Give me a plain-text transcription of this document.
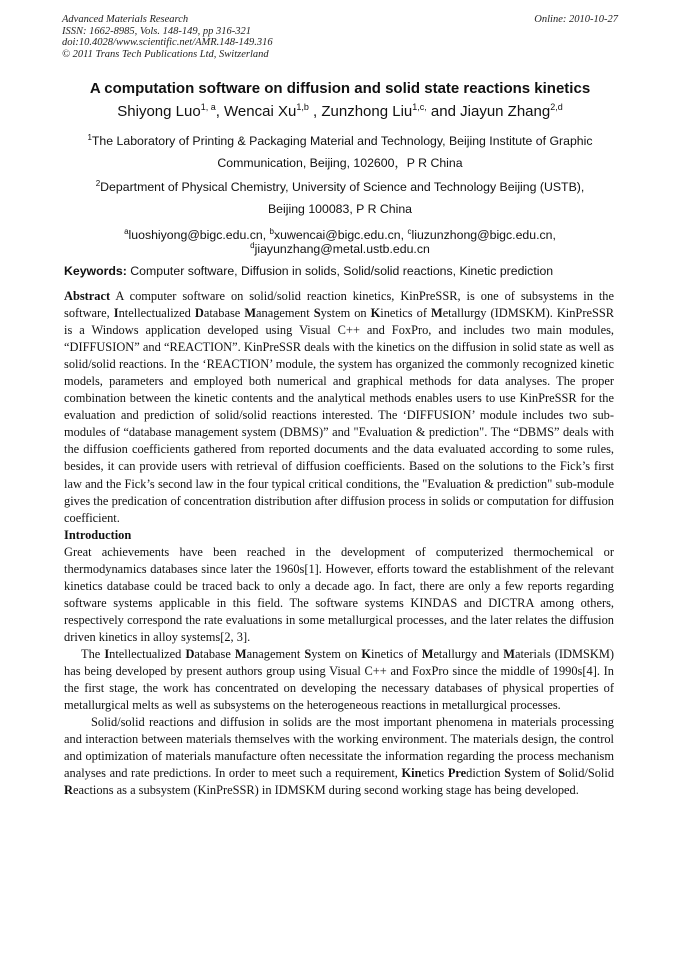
Advanced Materials Research
ISSN: 1662-8985, Vols. 148-149, pp 316-321
doi:10.4028/www.scientific.net/AMR.148-149.316
© 2011 Trans Tech Publications Ltd, Switzerland
Online: 2010-10-27
A computation software on diffusion and solid state reactions kinetics
Shiyong Luo$^{1, a}$, Wencai Xu$^{1,b}$ , Zunzhong Liu$^{1,c,}$ and Jiayun Zhang$^{2,d}$
$^1$The Laboratory of Printing & Packaging Material and Technology, Beijing Institute of Graphic
Communication, Beijing, 102600，P R China
$^2$Department of Physical Chemistry, University of Science and Technology Beijing (USTB),
Beijing 100083, P R China
$^a$luoshiyong@bigc.edu.cn, $^b$xuwencai@bigc.edu.cn, $^c$liuzunzhong@bigc.edu.cn,
$^d$jiayunzhang@metal.ustb.edu.cn
Keywords: Computer software, Diffusion in solids, Solid/solid reactions, Kinetic prediction

Abstract A computer software on solid/solid reaction kinetics, KinPreSSR, is one of subsystems in the software, Intellectualized Database Management System on Kinetics of Metallurgy (IDMSKM). KinPreSSR is a Windows application developed using Visual C++ and FoxPro, and includes two main modules, “DIFFUSION” and “REACTION”. KinPreSSR deals with the kinetics on the diffusion in solid state as well as solid/solid reactions. In the ‘REACTION’ module, the system has organized the commonly recognized kinetic models, parameters and employed both numerical and graphical methods for data analyses. The proper combination between the kinetic contents and the analytical methods enables users to use KinPreSSR for the evaluation and prediction of solid/solid reactions interested. The ‘DIFFUSION’ module includes two sub-modules of “database management system (DBMS)” and "Evaluation & prediction". The “DBMS” deals with the diffusion coefficients gathered from reported documents and the data evaluated according to some rules, besides, it can provide users with retrieval of diffusion coefficients. Based on the solutions to the Fick’s first law and the Fick’s second law in the four typical critical conditions, the "Evaluation & prediction" sub-module gives the predication of concentration distribution after diffusion process in solids or computation for diffusion coefficient.

Introduction

Great achievements have been reached in the development of computerized thermochemical or thermodynamics databases since later the 1960s[1]. However, efforts toward the establishment of the relevant kinetics database could be traced back to only a decade ago. In fact, there are only a few reports regarding software systems applicable in this field. The software systems KINDAS and DICTRA among others, respectively correspond the rate evaluations in some metallurgical processes, and the later relates the diffusion driven kinetics in alloy systems[2, 3].

The Intellectualized Database Management System on Kinetics of Metallurgy and Materials (IDMSKM) has being developed by present authors group using Visual C++ and FoxPro since the middle of 1990s[4]. In the first stage, the work has concentrated on developing the necessary databases of physical properties of metallurgical melts as well as subsystems on the heterogeneous reactions in metallurgical processes.

Solid/solid reactions and diffusion in solids are the most important phenomena in materials processing and interaction between materials themselves with the working environment. The materials design, the control and optimization of materials manufacture often necessitate the information regarding the process mechanism analyses and rate predictions. In order to meet such a requirement, Kinetics Prediction System of Solid/Solid Reactions as a subsystem (KinPreSSR) in IDMSKM during second working stage has being developed.
